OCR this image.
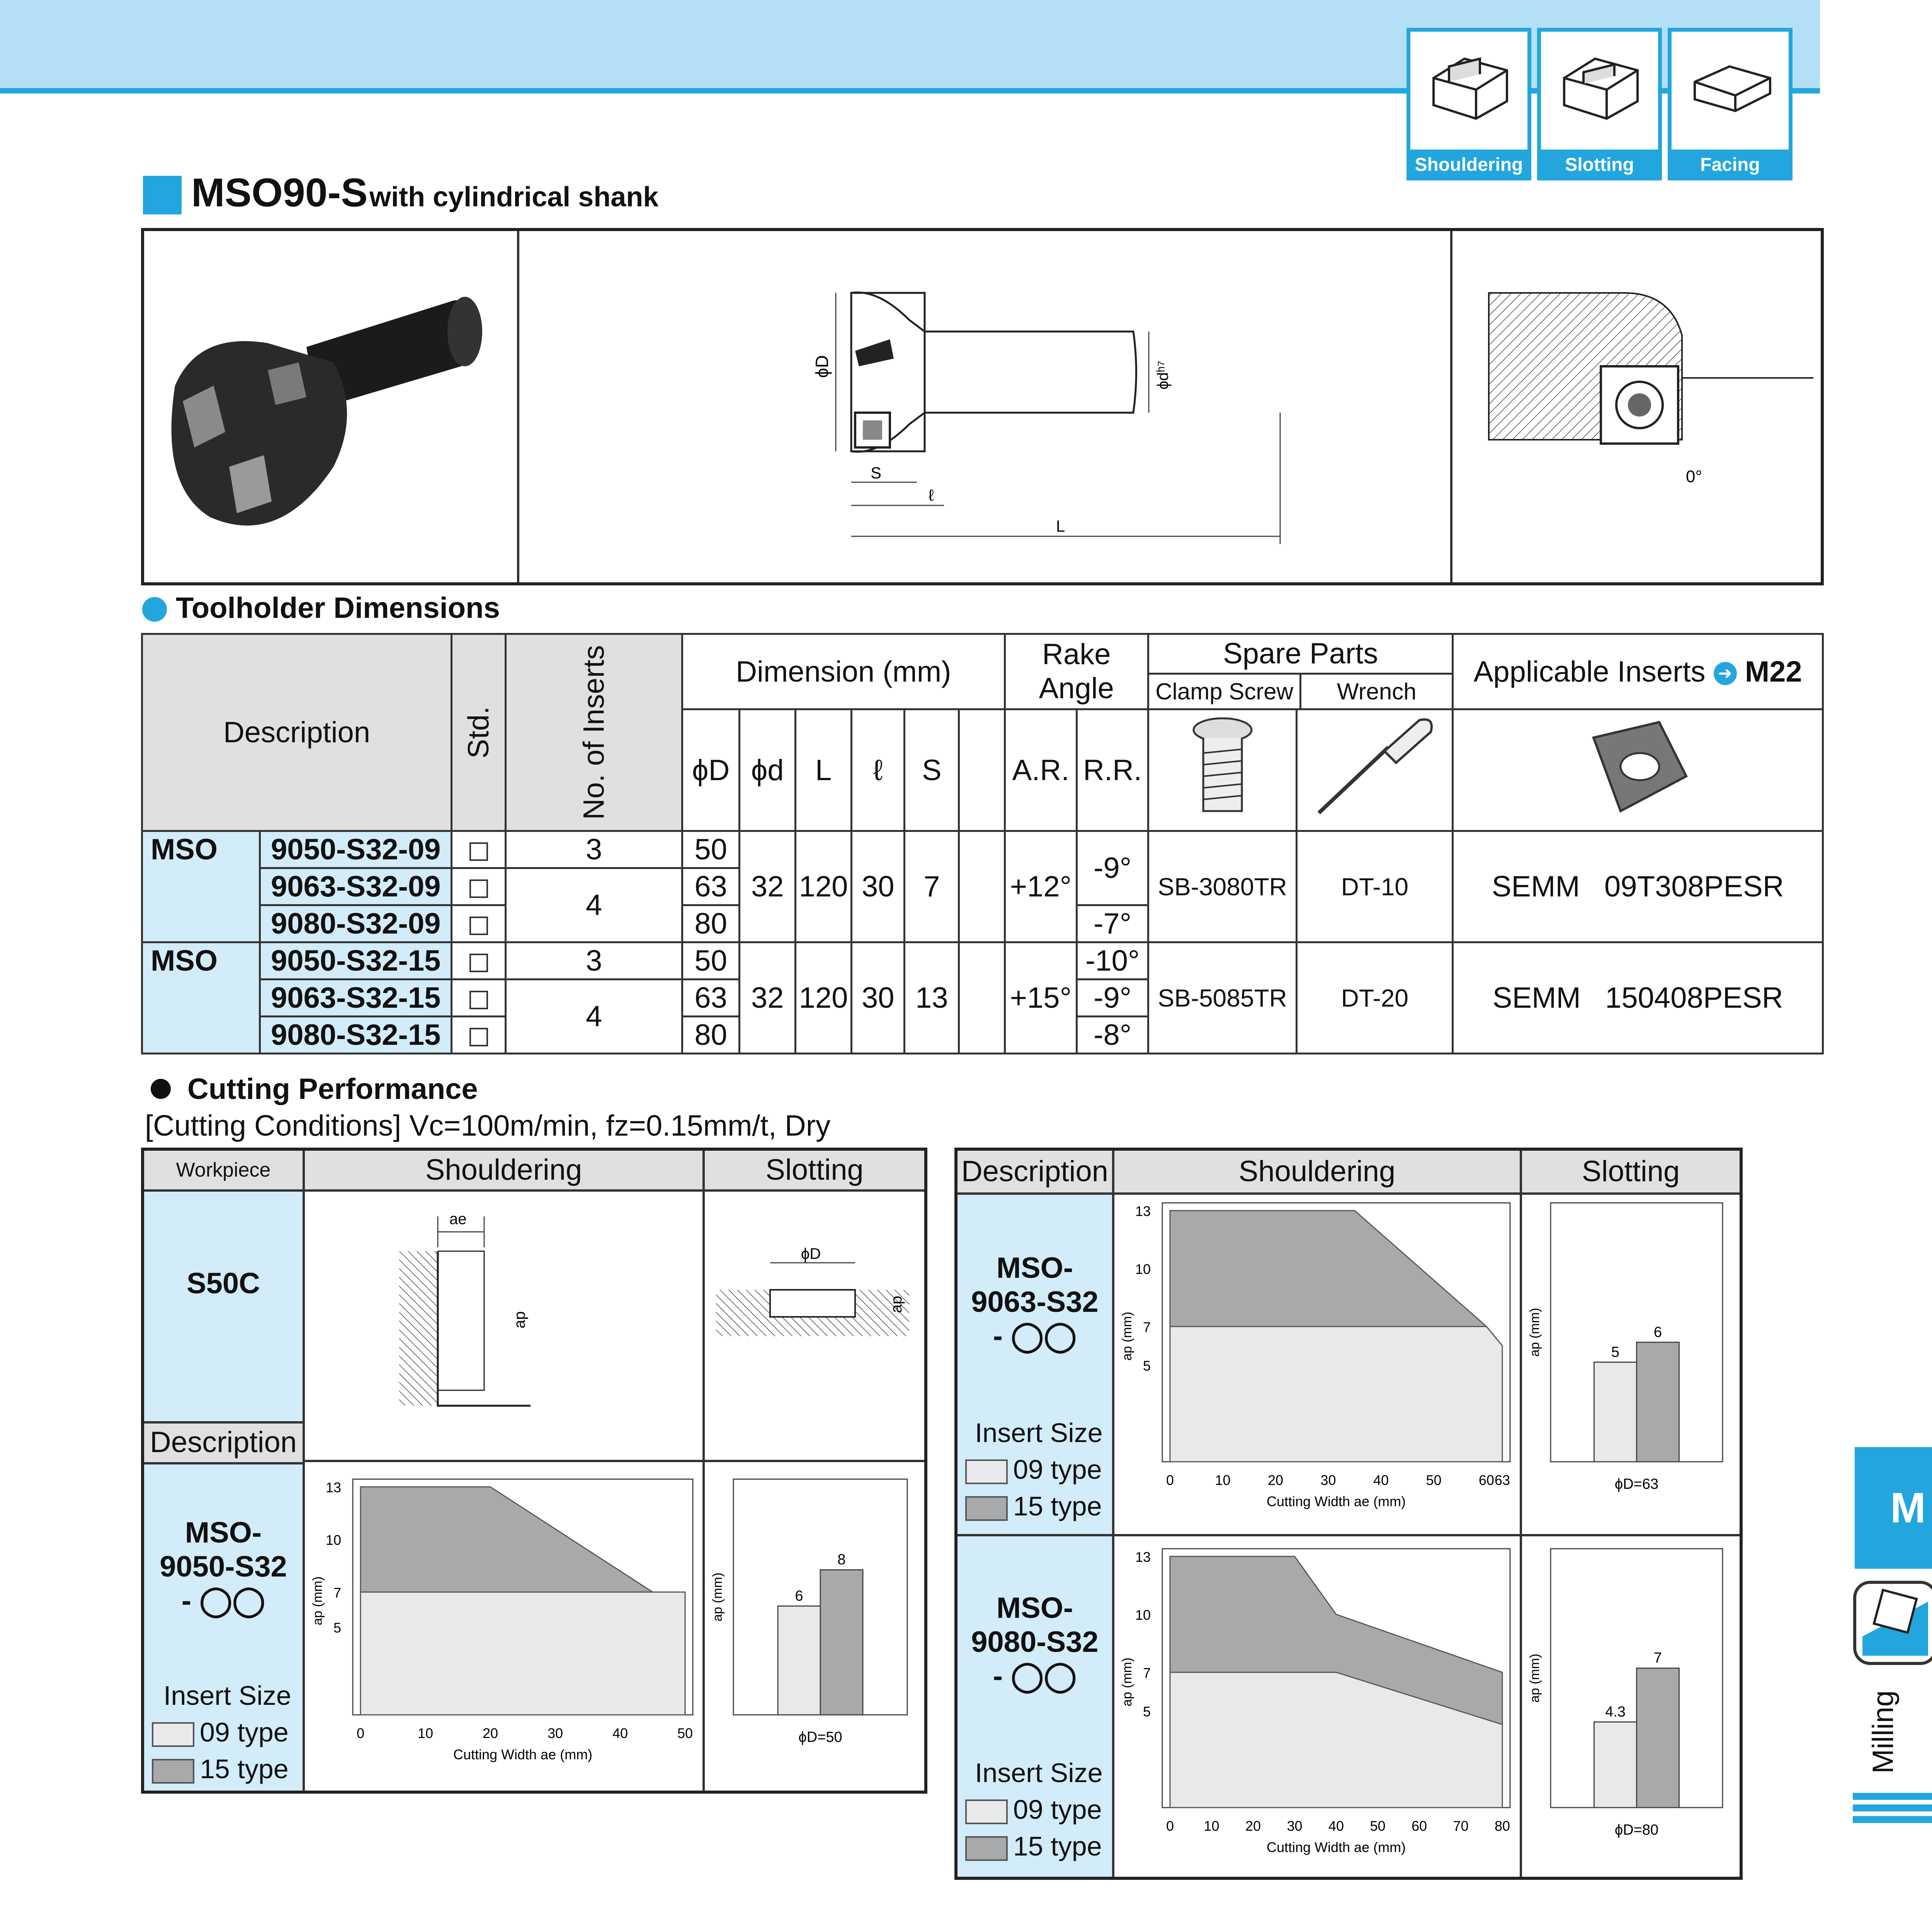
Shouldering	Slotting	Facing
MSO90-S with cylindrical shank
ϕD	ϕdʰ⁷
S
ℓ
L
0°
Toolholder Dimensions
Description		Std.	No. of Inserts	Dimension (mm)						Rake Angle		Spare Parts
Clamp Screw Wrench		Applicable Inserts ➜ M22
				ϕD	ϕd	L	ℓ	S		A.R.	R.R.			

MSO	9050-S32-09		3	50	32	120	30	7		+12°	-9°	SB-3080TR	DT-10	SEMM   09T308PESR
	9063-S32-09		4	63										
	9080-S32-09			80							-7°			

MSO	9050-S32-15		3	50	32	120	30	13		+15°	-10°	SB-5085TR	DT-20	SEMM   150408PESR
	9063-S32-15		4	63							-9°			
	9080-S32-15			80							-8°			
Cutting Performance
[Cutting Conditions] Vc=100m/min, fz=0.15mm/t, Dry
Workpiece	Shouldering	Slotting
S50C
Description
ae
ap
ϕD
ap
MSO-
9050-S32
- ◯◯
Insert Size
09 type
15 type
5
7
10
13
0	10	20	30	40	50
Cutting Width ae (mm)
ap (mm)	6
8
ϕD=50
ap (mm)
Description	Shouldering	Slotting
MSO-
9063-S32
- ◯◯
Insert Size
09 type
15 type
5
7
10
13
0	10	20	30	40	50	60 63
Cutting Width ae (mm)
ap (mm)	5
6
ϕD=63
ap (mm)
MSO-
9080-S32
- ◯◯
Insert Size
09 type
15 type
5
7
10
13
0 10 20 30 40 50 60 70 80
Cutting Width ae (mm)
ap (mm)
4.3
7
ϕD=80
ap (mm)
M
Milling
